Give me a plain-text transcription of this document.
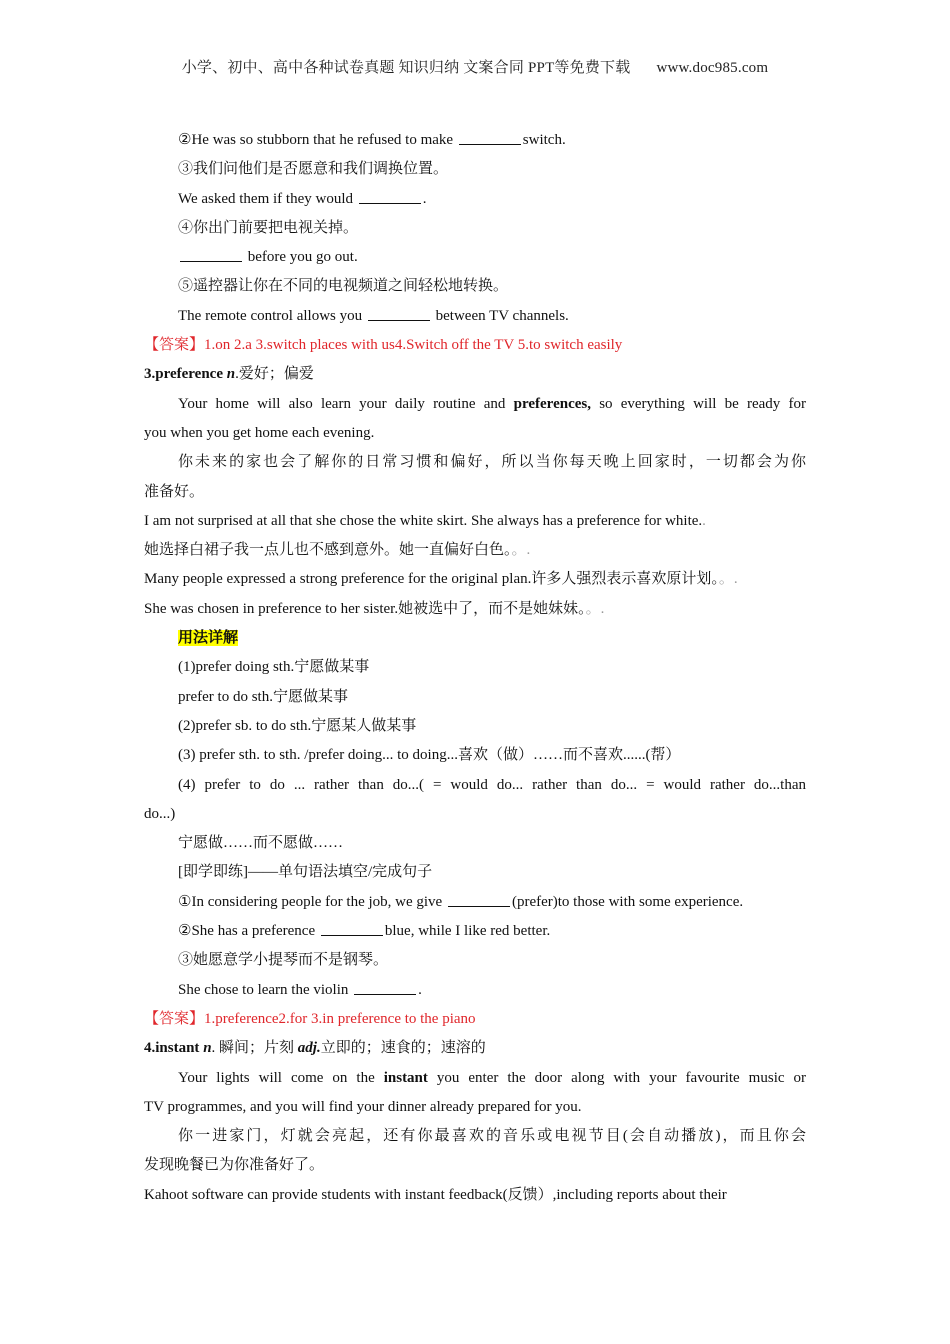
小学、初中、高中各种试卷真题 知识归纳 文案合同 PPT等免费下载 www.doc985.com
②He was so stubborn that he refused to make	switch.
③我们问他们是否愿意和我们调换位置。
We asked them if they would	.
④你出门前要把电视关掉。
before you go out.
⑤遥控器让你在不同的电视频道之间轻松地转换。
The remote control allows you	between TV channels.
【答案】1.on 2.a 3.switch places with us4.Switch off the TV 5.to switch easily
3.preference n.爱好；偏爱
Your home will also learn your daily routine and preferences, so everything will be ready for
you when you get home each evening.
你未来的家也会了解你的日常习惯和偏好，所以当你每天晚上回家时，一切都会为你
准备好。
I am not surprised at all that she chose the white skirt. She always has a preference for white..
她选择白裙子我一点儿也不感到意外。她一直偏好白色。。.
Many people expressed a strong preference for the original plan.许多人强烈表示喜欢原计划。。.
She was chosen in preference to her sister.她被选中了，而不是她妹妹。。.
用法详解
(1)prefer doing sth.宁愿做某事
prefer to do sth.宁愿做某事
(2)prefer sb. to do sth.宁愿某人做某事
(3) prefer sth. to sth. /prefer doing... to doing...喜欢（做）……而不喜欢......(帮）
(4) prefer to do ... rather than do...( = would do... rather than do... = would rather do...than
do...)
宁愿做……而不愿做……
[即学即练]——单句语法填空/完成句子
①In considering people for the job, we give	(prefer)to those with some experience.
②She has a preference	blue, while I like red better.
③她愿意学小提琴而不是钢琴。
She chose to learn the violin	.
【答案】1.preference2.for 3.in preference to the piano
4.instant n. 瞬间；片刻 adj.立即的；速食的；速溶的
Your lights will come on the instant you enter the door along with your favourite music or
TV programmes, and you will find your dinner already prepared for you.
你一进家门，灯就会亮起，还有你最喜欢的音乐或电视节目(会自动播放)，而且你会
发现晚餐已为你准备好了。
Kahoot software can provide students with instant feedback(反馈）,including reports about their
